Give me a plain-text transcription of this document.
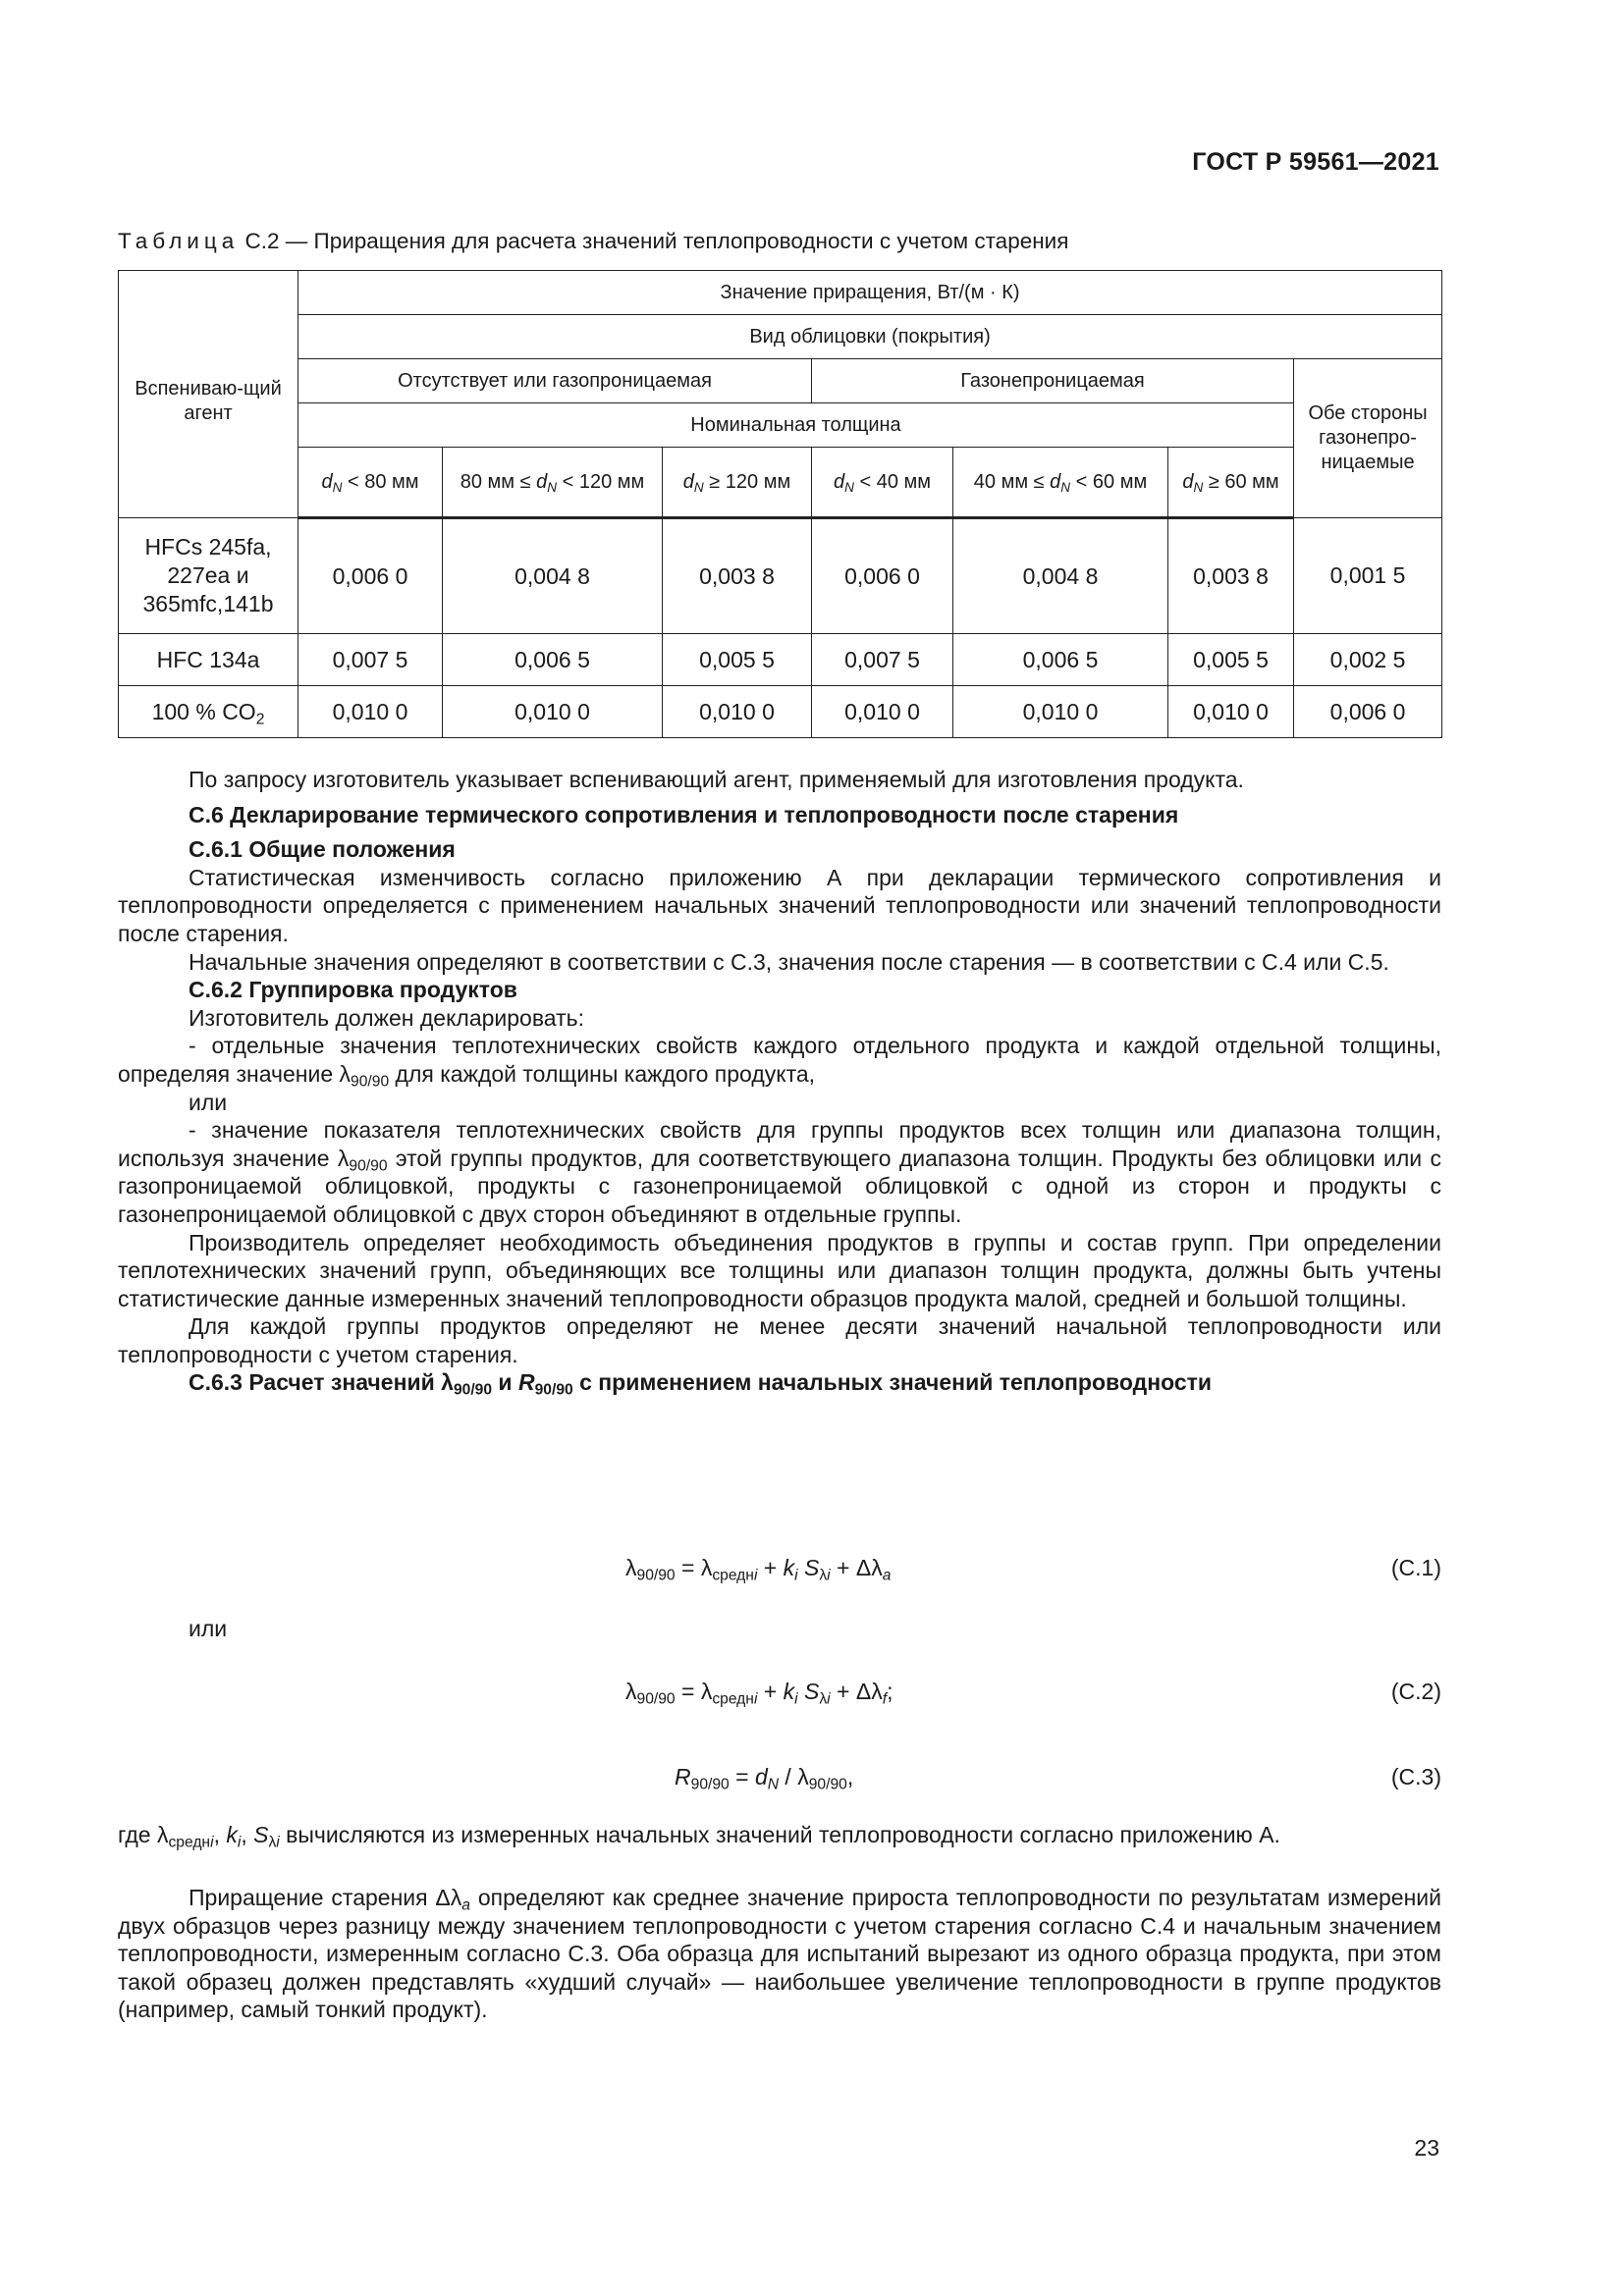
ГОСТ Р 59561—2021
Таблица С.2 — Приращения для расчета значений теплопроводности с учетом старения
Вспениваю-щий агент	Значение приращения, Вт/(м · К)						
	Вид облицовки (покрытия)						
	Отсутствует или газопроницаемая			Газонепроницаемая			Обе стороны газонепро-ницаемые
	Номинальная толщина						
	$d_N < 80$ мм	80 мм ≤ $d_N < 120$ мм	$d_N \ge 120$ мм	$d_N < 40$ мм	40 мм ≤ $d_N < 60$ мм	$d_N \ge 60$ мм	
HFCs 245fa,
227ea и
365mfc,141b	0,006 0	0,004 8	0,003 8	0,006 0	0,004 8	0,003 8	0,001 5
HFC 134a	0,007 5	0,006 5	0,005 5	0,007 5	0,006 5	0,005 5	0,002 5
100 % $CO_2$	0,010 0	0,010 0	0,010 0	0,010 0	0,010 0	0,010 0	0,006 0

По запросу изготовитель указывает вспенивающий агент, применяемый для изготовления продукта.

С.6 Декларирование термического сопротивления и теплопроводности после старения

С.6.1 Общие положения

Статистическая изменчивость согласно приложению А при декларации термического сопротивления и теплопроводности определяется с применением начальных значений теплопроводности или значений теплопроводности после старения.

Начальные значения определяют в соответствии с С.3, значения после старения — в соответствии с С.4 или С.5.

С.6.2 Группировка продуктов

Изготовитель должен декларировать:

- отдельные значения теплотехнических свойств каждого отдельного продукта и каждой отдельной толщины, определяя значение $\lambda_{90/90}$ для каждой толщины каждого продукта,

или

- значение показателя теплотехнических свойств для группы продуктов всех толщин или диапазона толщин, используя значение $\lambda_{90/90}$ этой группы продуктов, для соответствующего диапазона толщин. Продукты без облицовки или с газопроницаемой облицовкой, продукты с газонепроницаемой облицовкой с одной из сторон и продукты с газонепроницаемой облицовкой с двух сторон объединяют в отдельные группы.

Производитель определяет необходимость объединения продуктов в группы и состав групп. При определении теплотехнических значений групп, объединяющих все толщины или диапазон толщин продукта, должны быть учтены статистические данные измеренных значений теплопроводности образцов продукта малой, средней и большой толщины.

Для каждой группы продуктов определяют не менее десяти значений начальной теплопроводности или теплопроводности с учетом старения.

С.6.3 Расчет значений $\lambda_{90/90}$ и $R_{90/90}$ с применением начальных значений теплопроводности

$\lambda_{90/90} = \lambda_{среднi} + k_i$ $S_{\lambda i} + \Delta\lambda_a$	(С.1)
или
$\lambda_{90/90} = \lambda_{среднi} + k_i$ $S_{\lambda i} + \Delta\lambda_f$;	(С.2)
$R_{90/90} = d_N / \lambda_{90/90}$,	(С.3)
где $\lambda_{среднi}$, $k_i$, $S_{\lambda i}$ вычисляются из измеренных начальных значений теплопроводности согласно приложению А.

Приращение старения $\Delta\lambda_a$ определяют как среднее значение прироста теплопроводности по результатам измерений двух образцов через разницу между значением теплопроводности с учетом старения согласно С.4 и начальным значением теплопроводности, измеренным согласно С.3. Оба образца для испытаний вырезают из одного образца продукта, при этом такой образец должен представлять «худший случай» — наибольшее увеличение теплопроводности в группе продуктов (например, самый тонкий продукт).

23
